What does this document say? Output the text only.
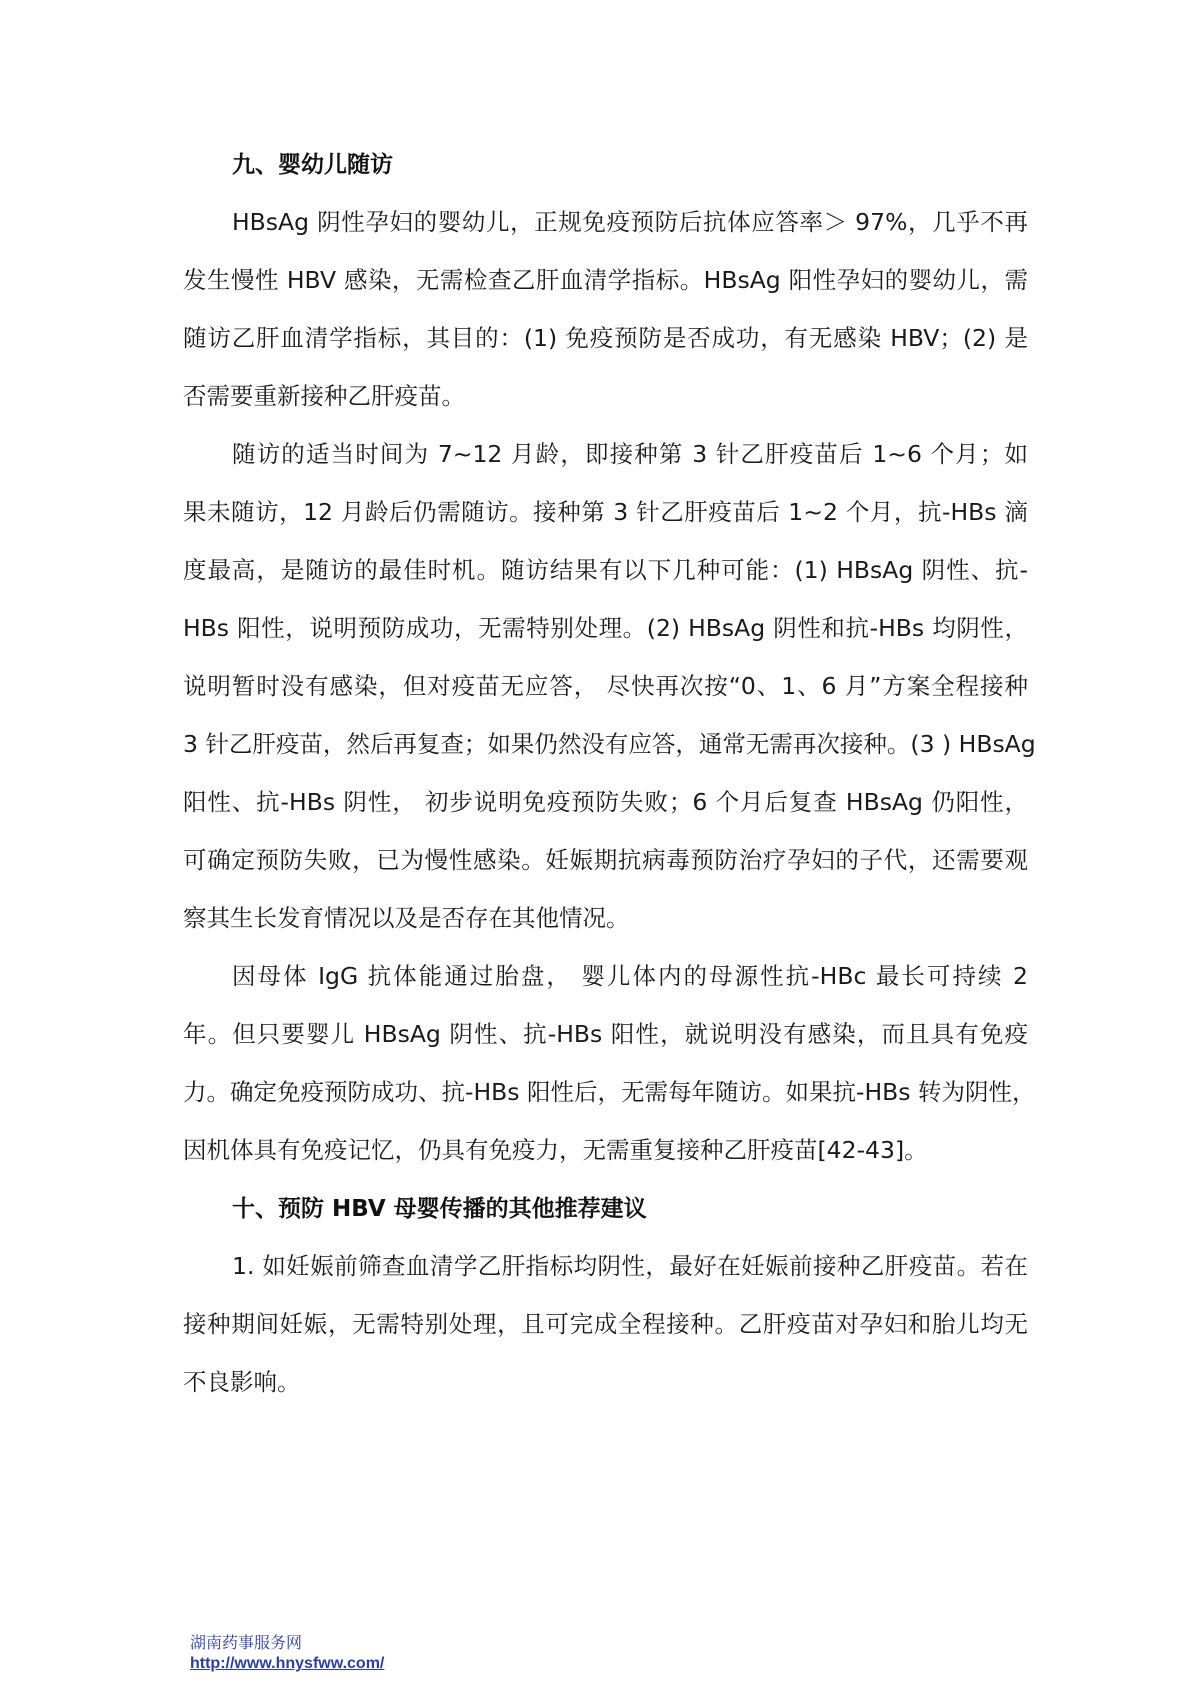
九、婴幼儿随访
HBsAg 阴性孕妇的婴幼儿，正规免疫预防后抗体应答率＞ 97%，几乎不再
发生慢性 HBV 感染，无需检查乙肝血清学指标。HBsAg 阳性孕妇的婴幼儿，需
随访乙肝血清学指标，其目的：(1) 免疫预防是否成功，有无感染 HBV；(2) 是
否需要重新接种乙肝疫苗。
随访的适当时间为 7~12 月龄，即接种第 3 针乙肝疫苗后 1~6 个月；如
果未随访，12 月龄后仍需随访。接种第 3 针乙肝疫苗后 1~2 个月，抗-HBs 滴
度最高，是随访的最佳时机。随访结果有以下几种可能：(1) HBsAg 阴性、抗-
HBs 阳性，说明预防成功，无需特别处理。(2) HBsAg 阴性和抗-HBs 均阴性，
说明暂时没有感染，但对疫苗无应答， 尽快再次按“0、1、6 月”方案全程接种
3 针乙肝疫苗，然后再复查；如果仍然没有应答，通常无需再次接种。(3 ) HBsAg
阳性、抗-HBs 阴性， 初步说明免疫预防失败；6 个月后复查 HBsAg 仍阳性，
可确定预防失败，已为慢性感染。妊娠期抗病毒预防治疗孕妇的子代，还需要观
察其生长发育情况以及是否存在其他情况。
因母体 IgG 抗体能通过胎盘， 婴儿体内的母源性抗-HBc 最长可持续 2
年。但只要婴儿 HBsAg 阴性、抗-HBs 阳性，就说明没有感染，而且具有免疫
力。确定免疫预防成功、抗-HBs 阳性后，无需每年随访。如果抗-HBs 转为阴性，
因机体具有免疫记忆，仍具有免疫力，无需重复接种乙肝疫苗[42-43]。
十、预防 HBV 母婴传播的其他推荐建议
1. 如妊娠前筛查血清学乙肝指标均阴性，最好在妊娠前接种乙肝疫苗。若在
接种期间妊娠，无需特别处理，且可完成全程接种。乙肝疫苗对孕妇和胎儿均无
不良影响。
湖南药事服务网
http://www.hnysfww.com/
